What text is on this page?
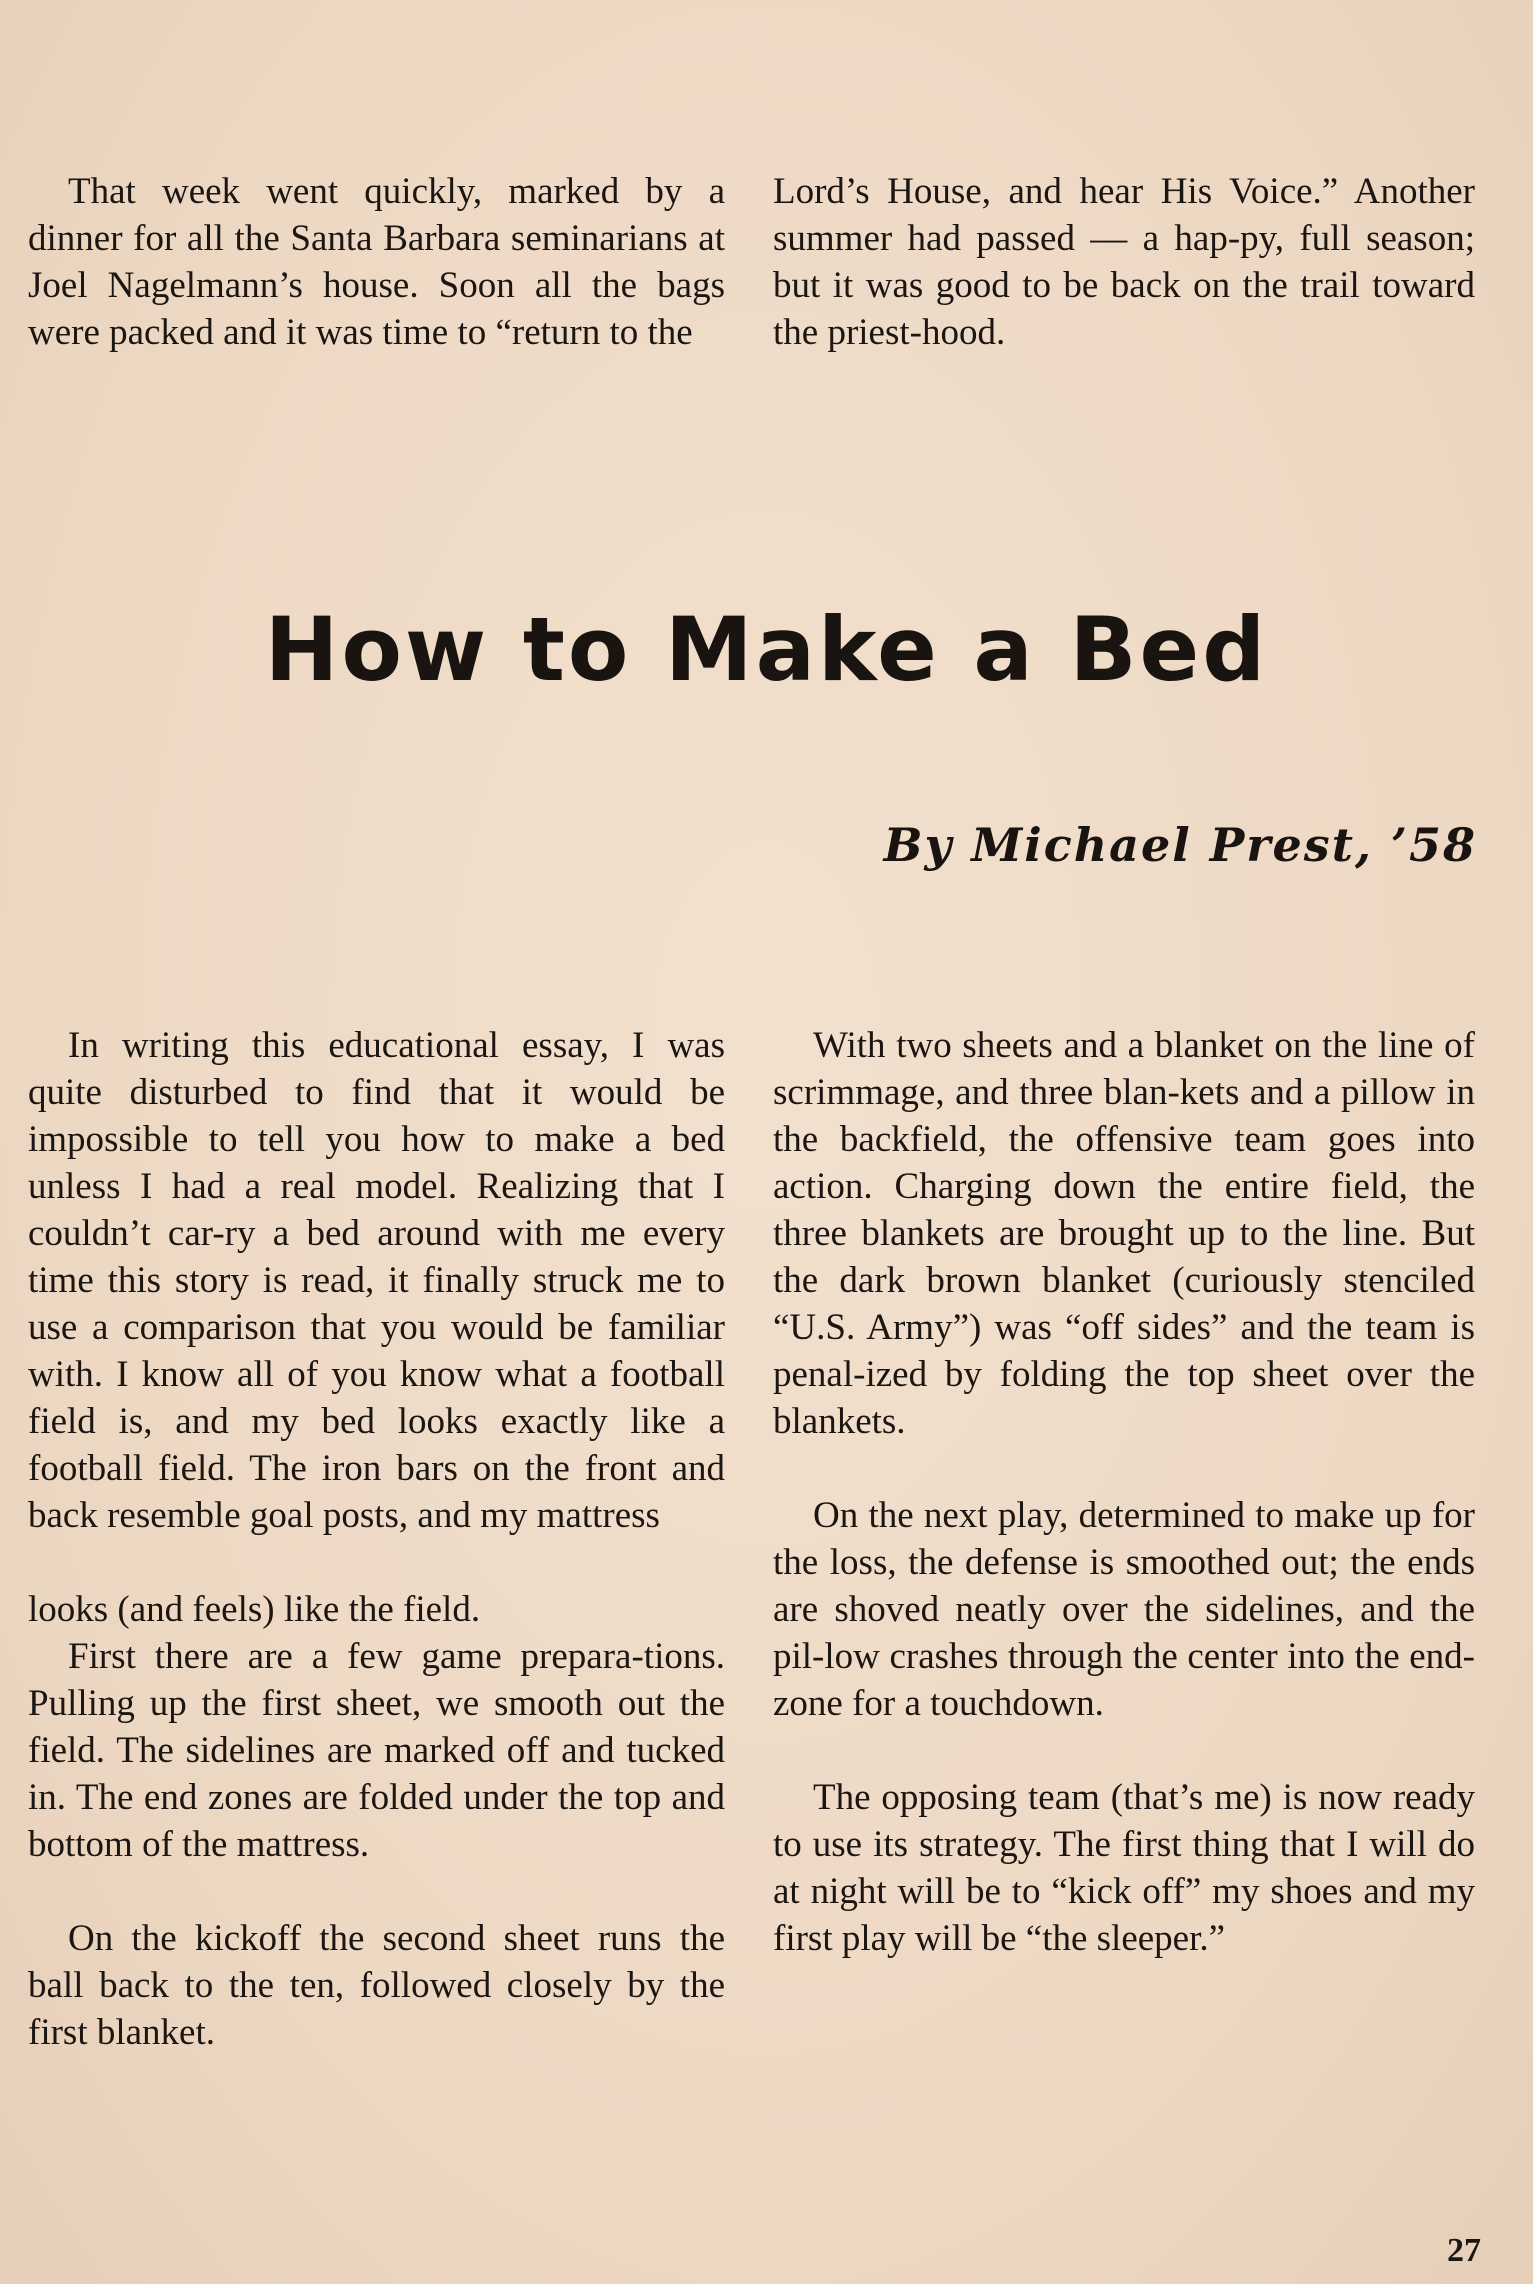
That week went quickly, marked by a dinner for all the Santa Barbara seminarians at Joel Nagelmann’s house. Soon all the bags were packed and it was time to “return to the

Lord’s House, and hear His Voice.” Another summer had passed — a hap-py, full season; but it was good to be back on the trail toward the priest-hood.

How to Make a Bed
By Michael Prest, ’58

In writing this educational essay, I was quite disturbed to find that it would be impossible to tell you how to make a bed unless I had a real model. Realizing that I couldn’t car-ry a bed around with me every time this story is read, it finally struck me to use a comparison that you would be familiar with. I know all of you know what a football field is, and my bed looks exactly like a football field. The iron bars on the front and back resemble goal posts, and my mattress

looks (and feels) like the field.

First there are a few game prepara-tions. Pulling up the first sheet, we smooth out the field. The sidelines are marked off and tucked in. The end zones are folded under the top and bottom of the mattress.

On the kickoff the second sheet runs the ball back to the ten, followed closely by the first blanket.

With two sheets and a blanket on the line of scrimmage, and three blan-kets and a pillow in the backfield, the offensive team goes into action. Charging down the entire field, the three blankets are brought up to the line. But the dark brown blanket (curiously stenciled “U.S. Army”) was “off sides” and the team is penal-ized by folding the top sheet over the blankets.

On the next play, determined to make up for the loss, the defense is smoothed out; the ends are shoved neatly over the sidelines, and the pil-low crashes through the center into the end-zone for a touchdown.

The opposing team (that’s me) is now ready to use its strategy. The first thing that I will do at night will be to “kick off” my shoes and my first play will be “the sleeper.”

27
